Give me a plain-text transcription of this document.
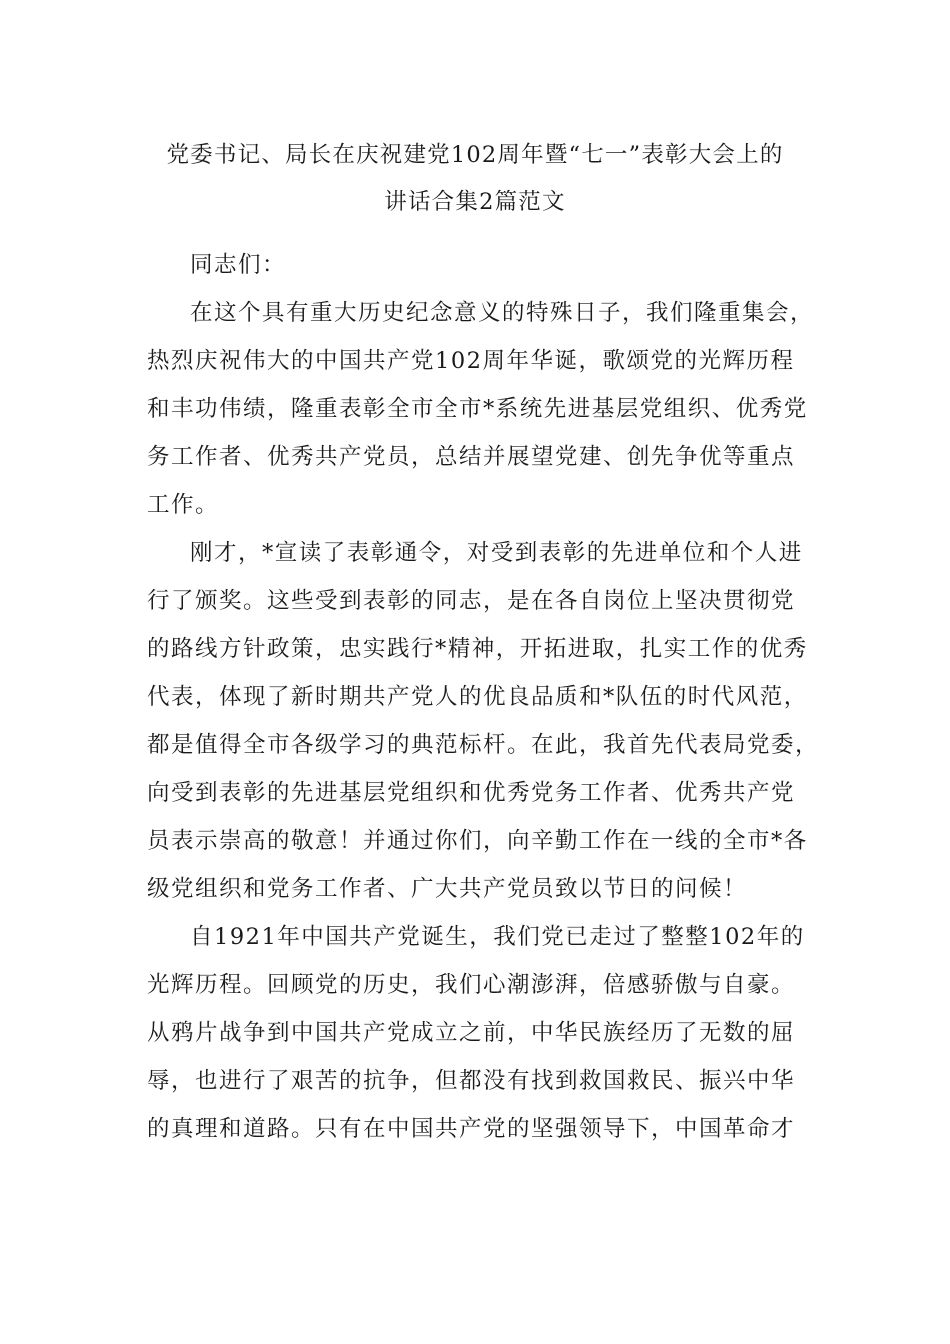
党委书记、局长在庆祝建党102周年暨“七一”表彰大会上的
讲话合集2篇范文
同志们：
在这个具有重大历史纪念意义的特殊日子，我们隆重集会，
热烈庆祝伟大的中国共产党102周年华诞，歌颂党的光辉历程
和丰功伟绩，隆重表彰全市全市*系统先进基层党组织、优秀党
务工作者、优秀共产党员，总结并展望党建、创先争优等重点
工作。
刚才，*宣读了表彰通令，对受到表彰的先进单位和个人进
行了颁奖。这些受到表彰的同志，是在各自岗位上坚决贯彻党
的路线方针政策，忠实践行*精神，开拓进取，扎实工作的优秀
代表，体现了新时期共产党人的优良品质和*队伍的时代风范，
都是值得全市各级学习的典范标杆。在此，我首先代表局党委，
向受到表彰的先进基层党组织和优秀党务工作者、优秀共产党
员表示崇高的敬意！并通过你们，向辛勤工作在一线的全市*各
级党组织和党务工作者、广大共产党员致以节日的问候！
自1921年中国共产党诞生，我们党已走过了整整102年的
光辉历程。回顾党的历史，我们心潮澎湃，倍感骄傲与自豪。
从鸦片战争到中国共产党成立之前，中华民族经历了无数的屈
辱，也进行了艰苦的抗争，但都没有找到救国救民、振兴中华
的真理和道路。只有在中国共产党的坚强领导下，中国革命才
